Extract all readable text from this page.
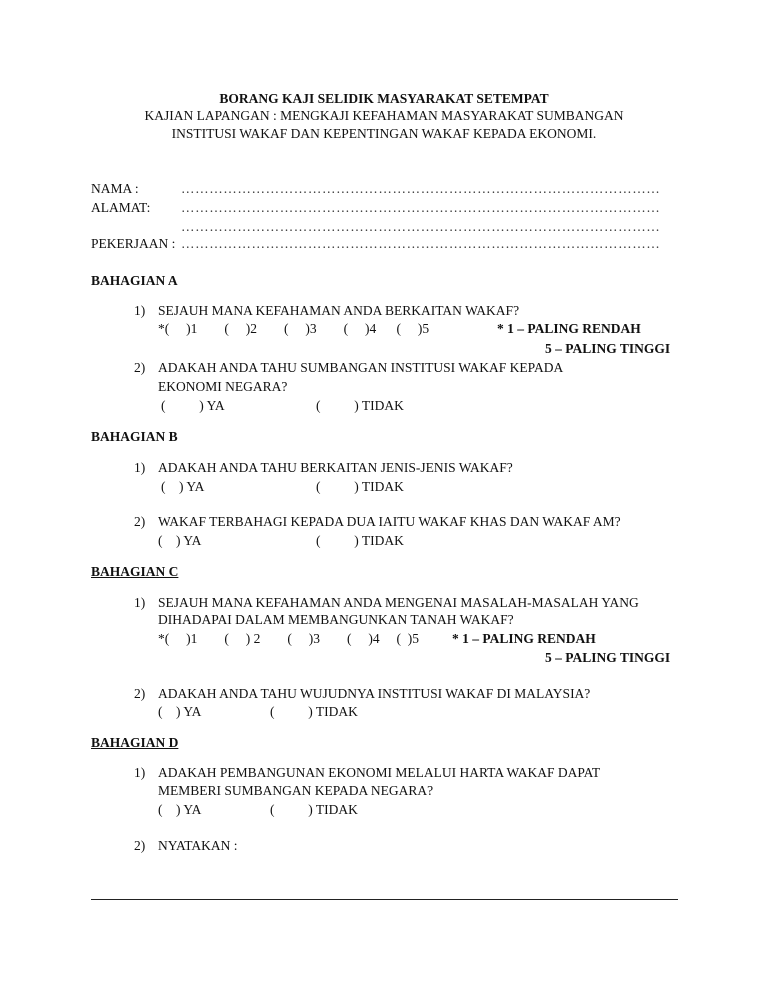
BORANG KAJI SELIDIK MASYARAKAT SETEMPAT
KAJIAN LAPANGAN : MENGKAJI KEFAHAMAN MASYARAKAT SUMBANGAN
INSTITUSI WAKAF DAN KEPENTINGAN WAKAF KEPADA EKONOMI.
NAMA :	…………………………………………………………………………………………
ALAMAT: …………………………………………………………………………………………
…………………………………………………………………………………………
PEKERJAAN : …………………………………………………………………………………………
BAHAGIAN A
1) SEJAUH MANA KEFAHAMAN ANDA BERKAITAN WAKAF?
*(     )1        (     )2        (     )3        (     )4      (     )5	* 1 – PALING RENDAH
5 – PALING TINGGI
2) ADAKAH ANDA TAHU SUMBANGAN INSTITUSI WAKAF KEPADA
EKONOMI NEGARA?
(          ) YA	(          ) TIDAK
BAHAGIAN B
1) ADAKAH ANDA TAHU BERKAITAN JENIS-JENIS WAKAF?
(    ) YA	(          ) TIDAK
2) WAKAF TERBAHAGI KEPADA DUA IAITU WAKAF KHAS DAN WAKAF AM?
(    ) YA	(          ) TIDAK
BAHAGIAN C
1) SEJAUH MANA KEFAHAMAN ANDA MENGENAI MASALAH-MASALAH YANG
DIHADAPAI DALAM MEMBANGUNKAN TANAH WAKAF?
*(     )1        (     ) 2        (     )3        (     )4     (  )5 * 1 – PALING RENDAH
5 – PALING TINGGI
2) ADAKAH ANDA TAHU WUJUDNYA INSTITUSI WAKAF DI MALAYSIA?
(    ) YA	(          ) TIDAK
BAHAGIAN D
1) ADAKAH PEMBANGUNAN EKONOMI MELALUI HARTA WAKAF DAPAT
MEMBERI SUMBANGAN KEPADA NEGARA?
(    ) YA	(          ) TIDAK
2) NYATAKAN :
